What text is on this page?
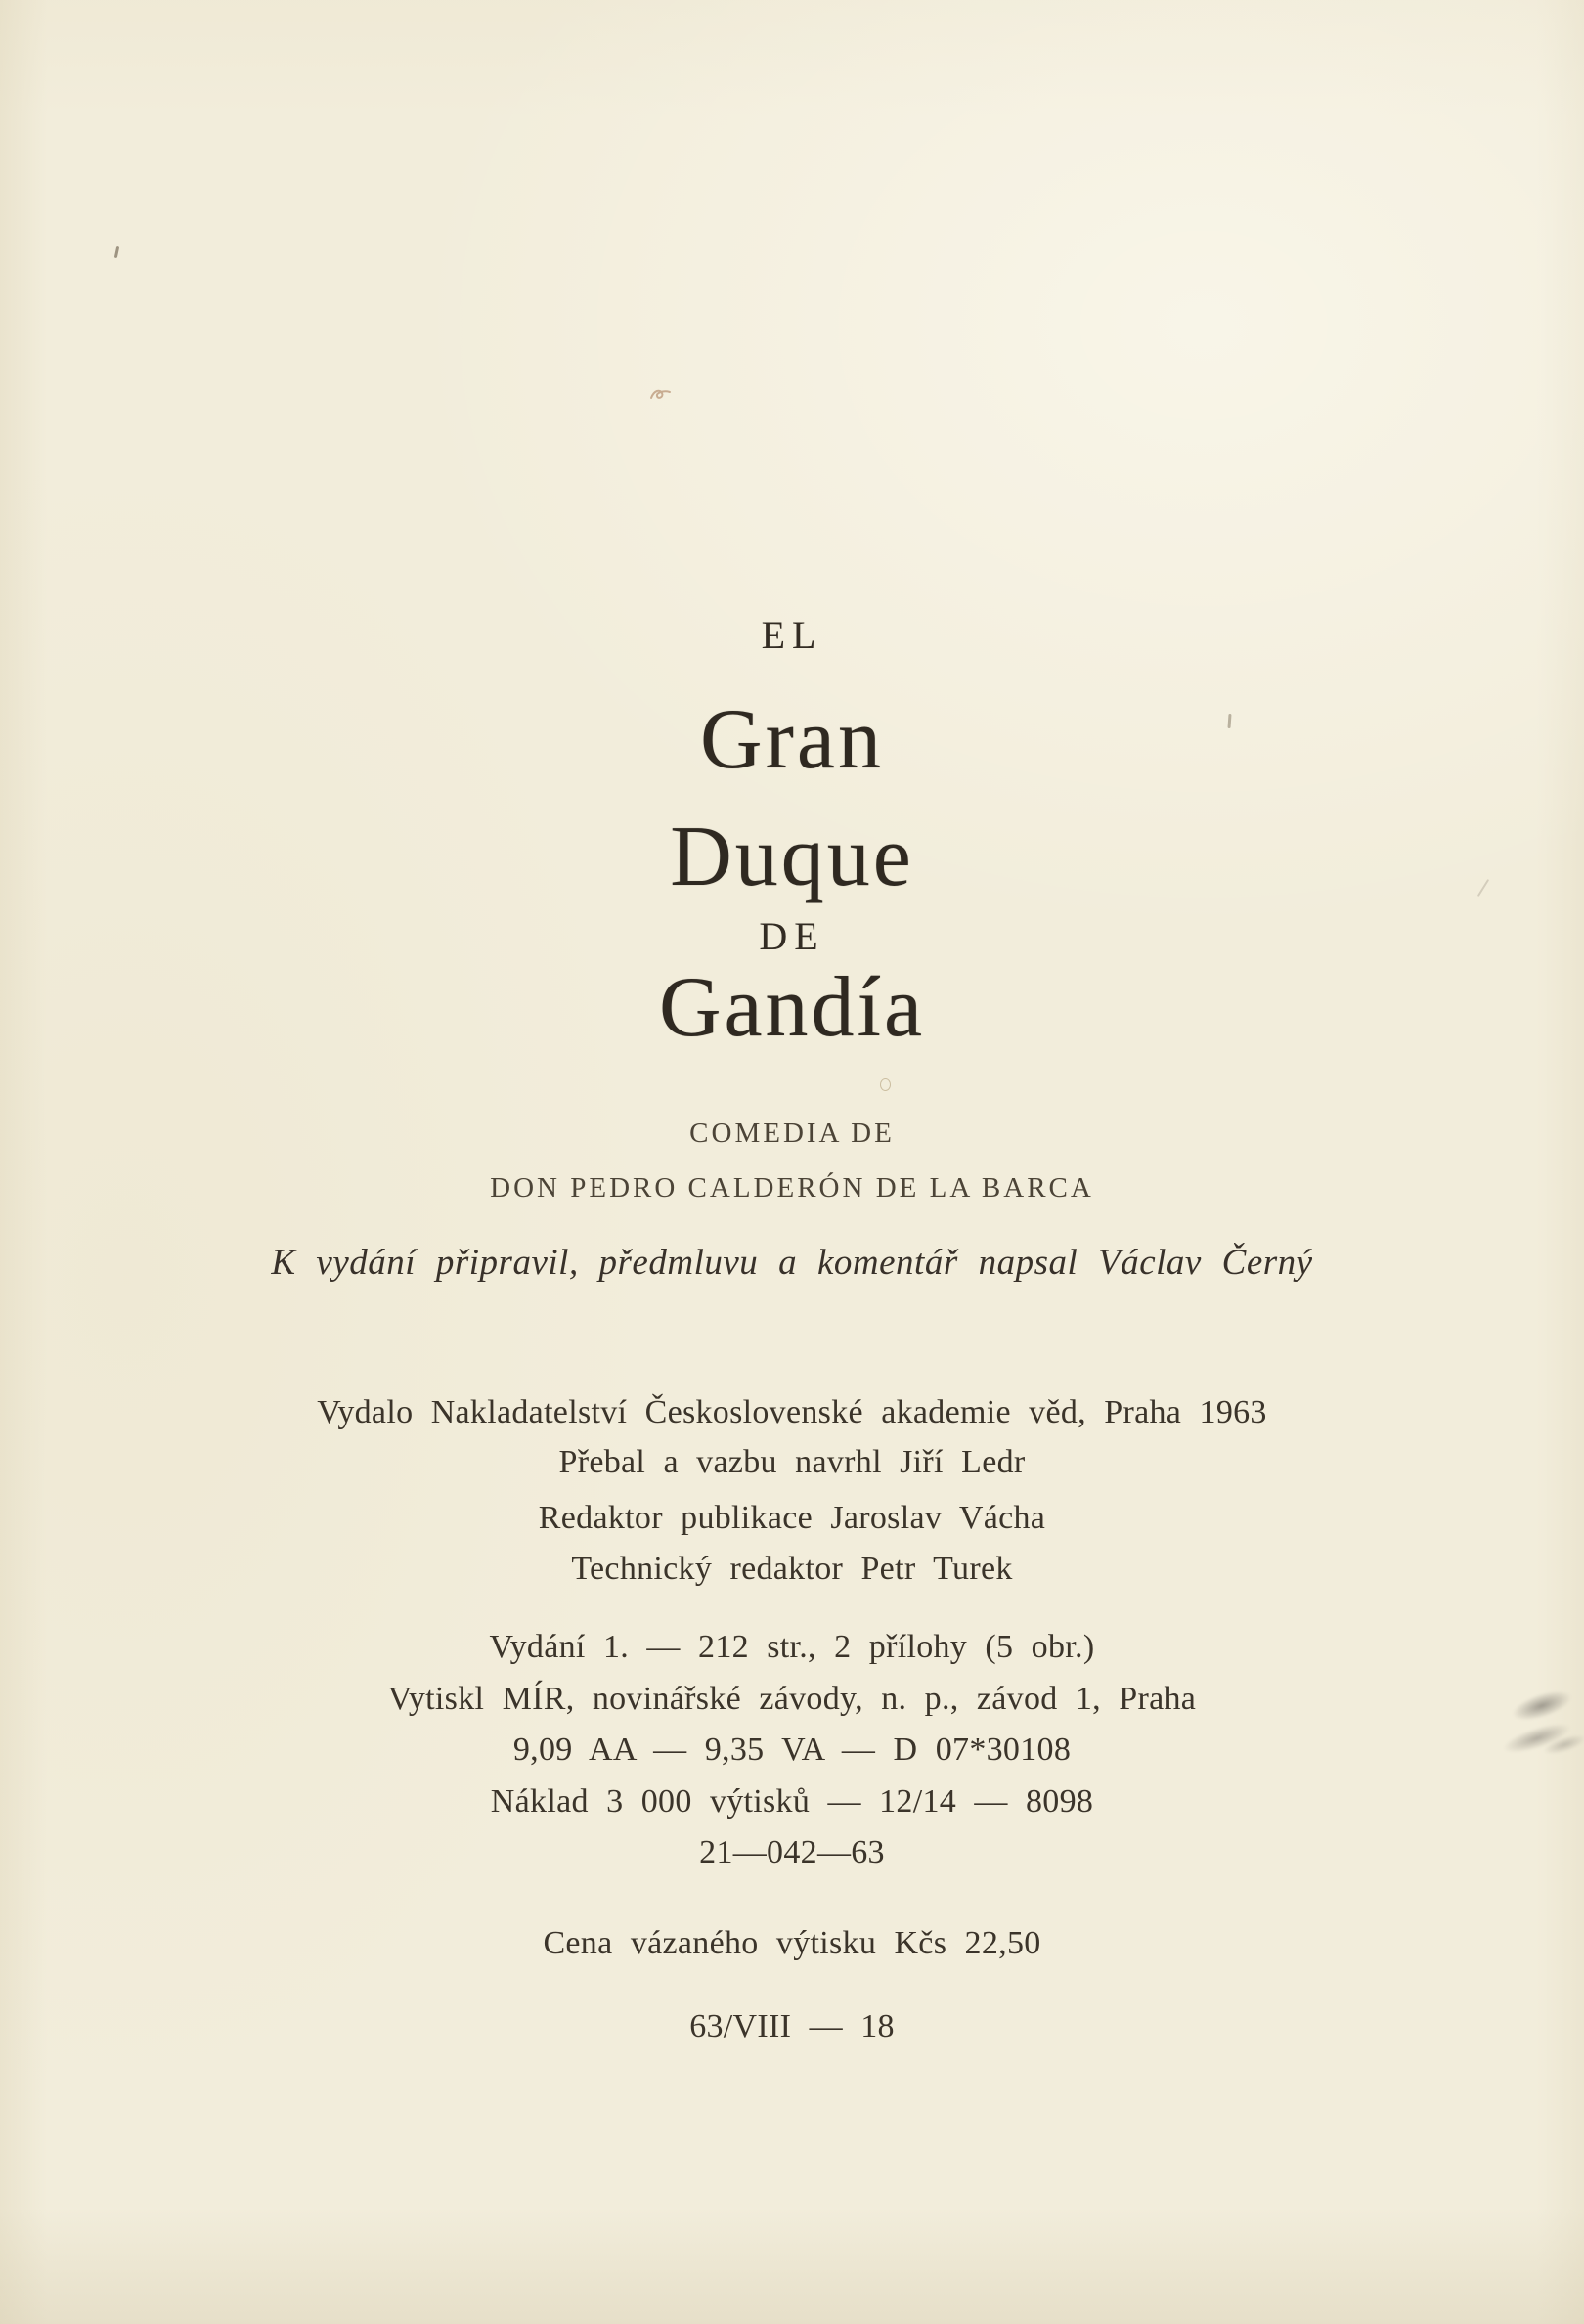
EL
Gran
Duque
DE
Gandía
COMEDIA DE
DON PEDRO CALDERÓN DE LA BARCA
K vydání připravil, předmluvu a komentář napsal Václav Černý
Vydalo Nakladatelství Československé akademie věd, Praha 1963
Přebal a vazbu navrhl Jiří Ledr
Redaktor publikace Jaroslav Vácha
Technický redaktor Petr Turek
Vydání 1. — 212 str., 2 přílohy (5 obr.)
Vytiskl MÍR, novinářské závody, n. p., závod 1, Praha
9,09 AA — 9,35 VA — D 07*30108
Náklad 3 000 výtisků — 12/14 — 8098
21—042—63
Cena vázaného výtisku Kčs 22,50
63/VIII — 18
